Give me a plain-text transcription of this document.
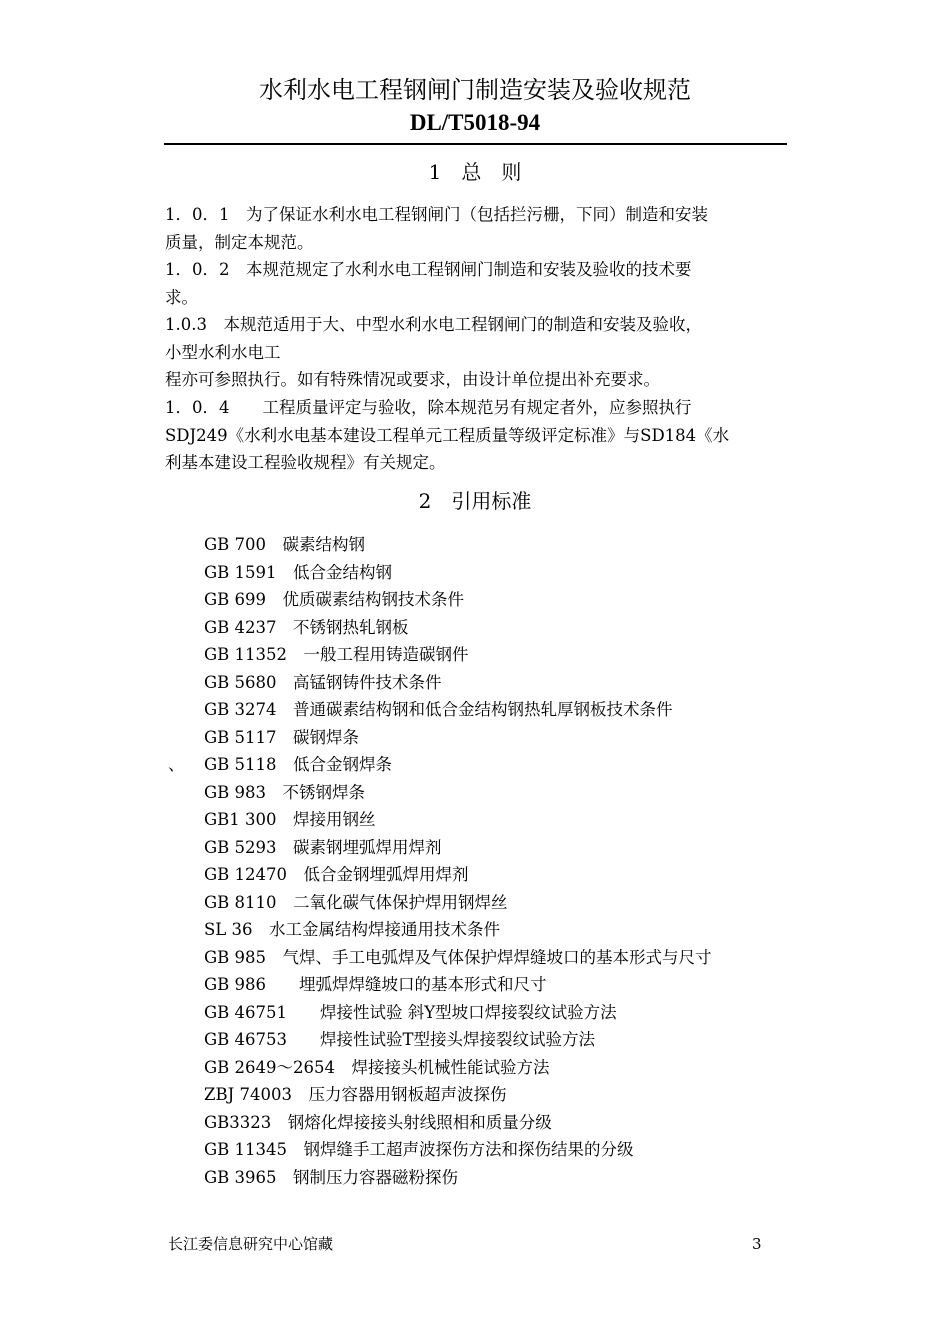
水利水电工程钢闸门制造安装及验收规范
DL/T5018-94
1　总　则
1．0．1　为了保证水利水电工程钢闸门（包括拦污栅，下同）制造和安装
质量，制定本规范。
1．0．2　本规范规定了水利水电工程钢闸门制造和安装及验收的技术要
求。
1.0.3　本规范适用于大、中型水利水电工程钢闸门的制造和安装及验收，
小型水利水电工
程亦可参照执行。如有特殊情况或要求，由设计单位提出补充要求。
1．0．4　　工程质量评定与验收，除本规范另有规定者外，应参照执行
SDJ249《水利水电基本建设工程单元工程质量等级评定标准》与SD184《水
利基本建设工程验收规程》有关规定。
2　引用标准
、
GB 700　碳素结构钢
GB 1591　低合金结构钢
GB 699　优质碳素结构钢技术条件
GB 4237　不锈钢热轧钢板
GB 11352　一般工程用铸造碳钢件
GB 5680　高锰钢铸件技术条件
GB 3274　普通碳素结构钢和低合金结构钢热轧厚钢板技术条件
GB 5117　碳钢焊条
GB 5118　低合金钢焊条
GB 983　不锈钢焊条
GB1 300　焊接用钢丝
GB 5293　碳素钢埋弧焊用焊剂
GB 12470　低合金钢埋弧焊用焊剂
GB 8110　二氧化碳气体保护焊用钢焊丝
SL 36　水工金属结构焊接通用技术条件
GB 985　气焊、手工电弧焊及气体保护焊焊缝坡口的基本形式与尺寸
GB 986　　埋弧焊焊缝坡口的基本形式和尺寸
GB 46751　　焊接性试验 斜Y型坡口焊接裂纹试验方法
GB 46753　　焊接性试验T型接头焊接裂纹试验方法
GB 2649～2654　焊接接头机械性能试验方法
ZBJ 74003　压力容器用钢板超声波探伤
GB3323　钢熔化焊接接头射线照相和质量分级
GB 11345　钢焊缝手工超声波探伤方法和探伤结果的分级
GB 3965　钢制压力容器磁粉探伤
长江委信息研究中心馆藏	3
